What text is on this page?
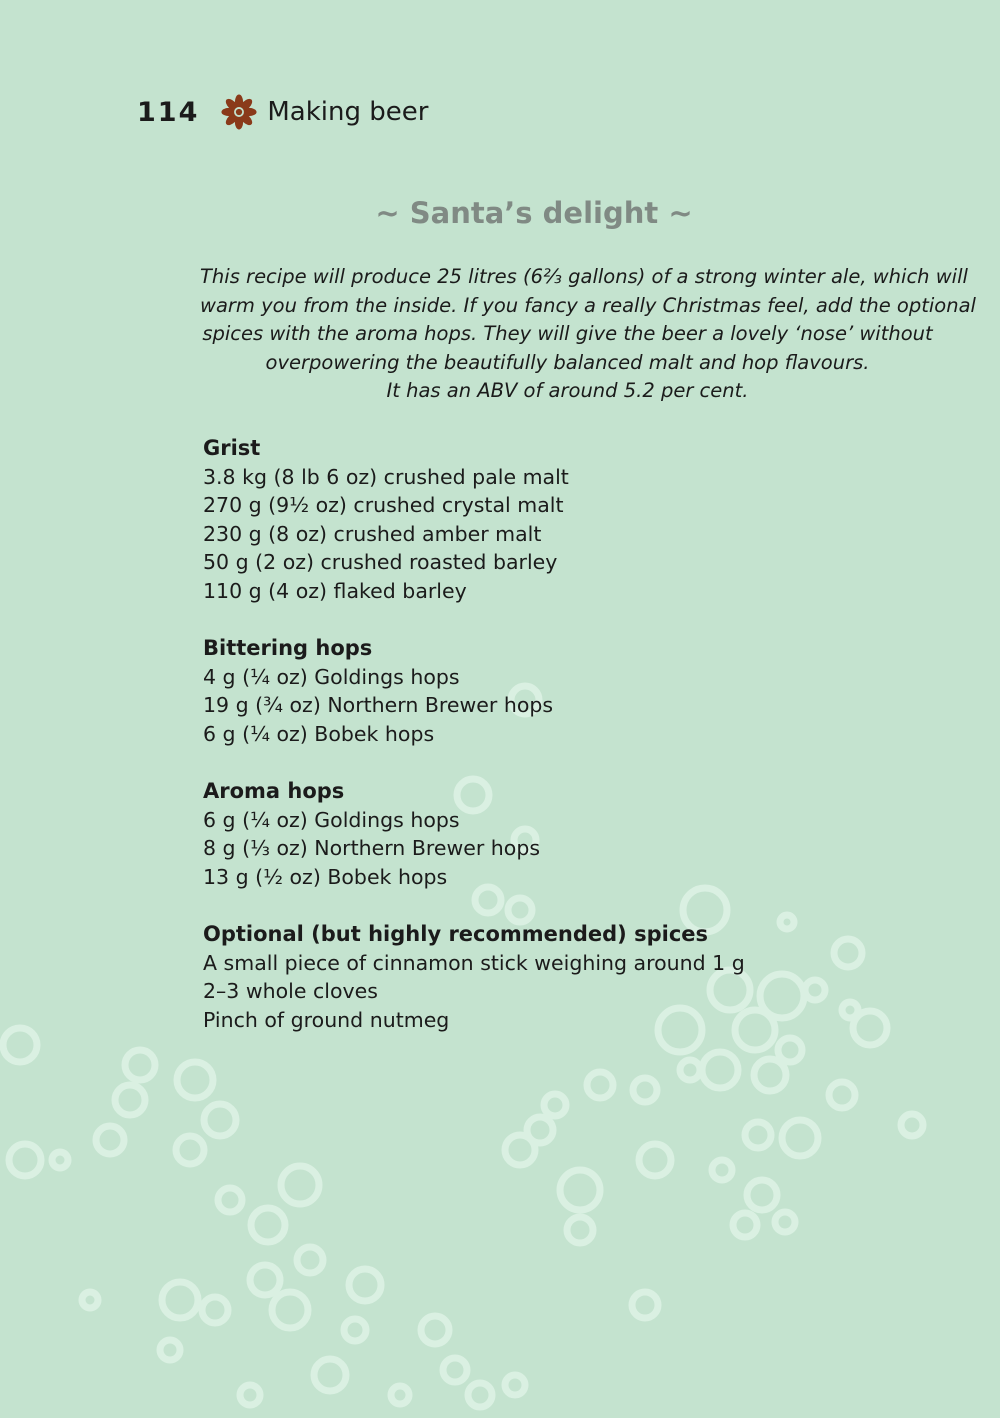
114	Making beer
~ Santa’s delight ~
This recipe will produce 25 litres (6⅔ gallons) of a strong winter ale, which will
warm you from the inside. If you fancy a really Christmas feel, add the optional
spices with the aroma hops. They will give the beer a lovely ‘nose’ without
overpowering the beautifully balanced malt and hop flavours.
It has an ABV of around 5.2 per cent.
Grist
3.8 kg (8 lb 6 oz) crushed pale malt
270 g (9½ oz) crushed crystal malt
230 g (8 oz) crushed amber malt
50 g (2 oz) crushed roasted barley
110 g (4 oz) flaked barley
Bittering hops
4 g (¼ oz) Goldings hops
19 g (¾ oz) Northern Brewer hops
6 g (¼ oz) Bobek hops
Aroma hops
6 g (¼ oz) Goldings hops
8 g (⅓ oz) Northern Brewer hops
13 g (½ oz) Bobek hops
Optional (but highly recommended) spices
A small piece of cinnamon stick weighing around 1 g
2–3 whole cloves
Pinch of ground nutmeg
